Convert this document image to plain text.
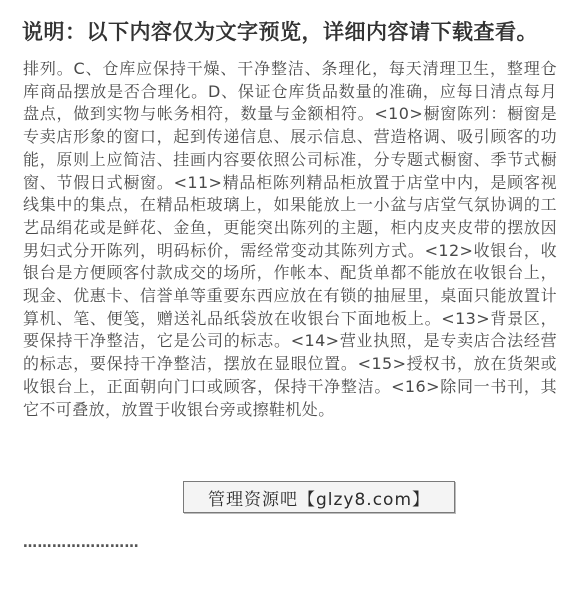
说明：以下内容仅为文字预览，详细内容请下载查看。
排列。C、仓库应保持干燥、干净整洁、条理化，每天清理卫生，整理仓库商品摆放是否合理化。D、保证仓库货品数量的准确，应每日清点每月盘点，做到实物与帐务相符，数量与金额相符。<10>橱窗陈列：橱窗是专卖店形象的窗口，起到传递信息、展示信息、营造格调、吸引顾客的功能，原则上应简洁、挂画内容要依照公司标准，分专题式橱窗、季节式橱窗、节假日式橱窗。<11>精品柜陈列精品柜放置于店堂中内，是顾客视线集中的集点，在精品柜玻璃上，如果能放上一小盆与店堂气氛协调的工艺品绢花或是鲜花、金鱼，更能突出陈列的主题，柜内皮夹皮带的摆放因男妇式分开陈列，明码标价，需经常变动其陈列方式。<12>收银台，收银台是方便顾客付款成交的场所，作帐本、配货单都不能放在收银台上，现金、优惠卡、信誉单等重要东西应放在有锁的抽屉里，桌面只能放置计算机、笔、便笺，赠送礼品纸袋放在收银台下面地板上。<13>背景区，要保持干净整洁，它是公司的标志。<14>营业执照，是专卖店合法经营的标志，要保持干净整洁，摆放在显眼位置。<15>授权书，放在货架或收银台上，正面朝向门口或顾客，保持干净整洁。<16>除同一书刊，其它不可叠放，放置于收银台旁或擦鞋机处。
……………………
管理资源吧【glzy8.com】
